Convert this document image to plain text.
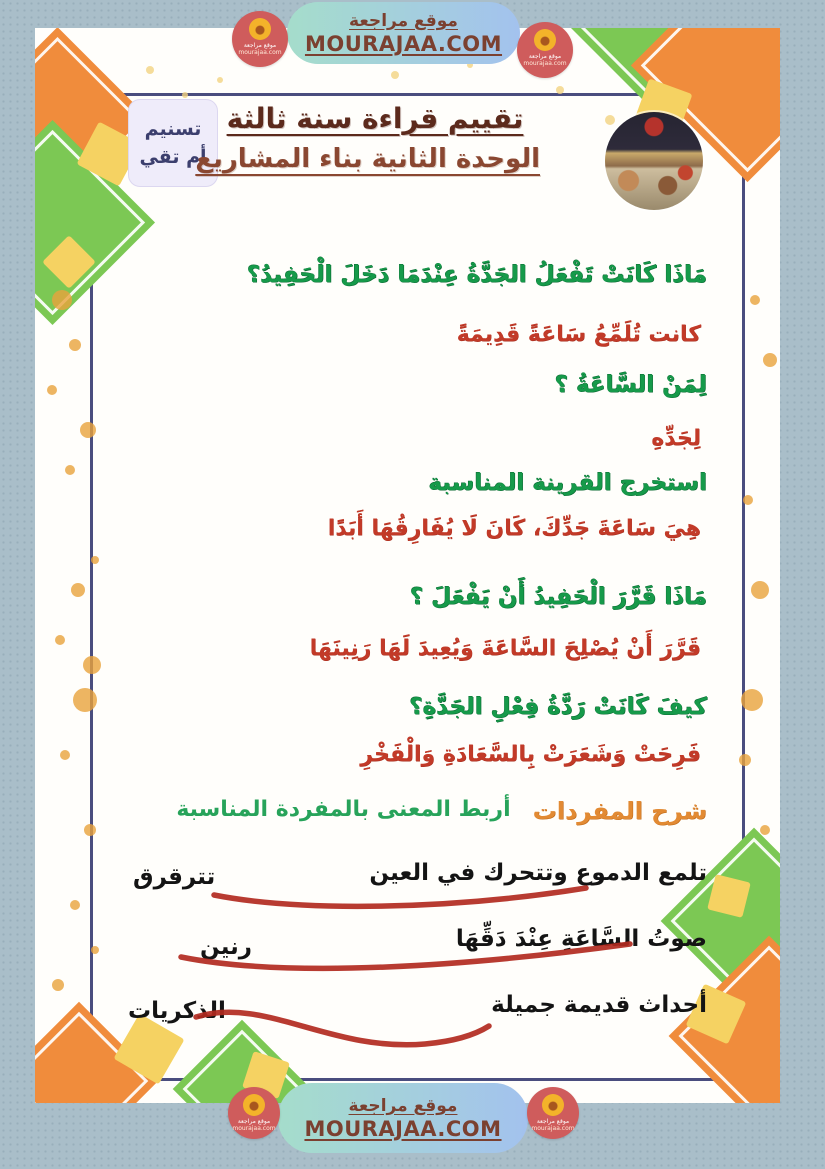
تسنيم
أم تقي
تقييم قراءة سنة ثالثة
الوحدة الثانية بناء المشاريع
مَاذَا كَانَتْ تَفْعَلُ الجَدَّةُ عِنْدَمَا دَخَلَ الْحَفِيدُ؟
كانت تُلَمِّعُ سَاعَةً قَدِيمَةً
لِمَنْ السَّاعَةُ ؟
لِجَدِّهِ
استخرج القرينة المناسبة
هِيَ سَاعَةَ جَدِّكَ، كَانَ لَا يُفَارِقُهَا أَبَدًا
مَاذَا قَرَّرَ الْحَفِيدُ أَنْ يَفْعَلَ ؟
قَرَّرَ أَنْ يُصْلِحَ السَّاعَةَ وَيُعِيدَ لَهَا رَنِينَهَا
كيفَ كَانَتْ رَدَّةُ فِعْلِ الجَدَّةِ؟
فَرِحَتْ وَشَعَرَتْ بِالسَّعَادَةِ وَالْفَخْرِ
شرح المفردات
أربط المعنى بالمفردة المناسبة
تلمع الدموع وتتحرك في العين
تترقرق
صوتُ السَّاعَةِ عِنْدَ دَقِّهَا
رنين
أحداث قديمة جميلة
الذكريات
موقع مراجعة
MOURAJAA.COM
موقع مراجعة
mourajaa.com
موقع مراجعة
mourajaa.com
موقع مراجعة
MOURAJAA.COM
موقع مراجعة
mourajaa.com
موقع مراجعة
mourajaa.com
